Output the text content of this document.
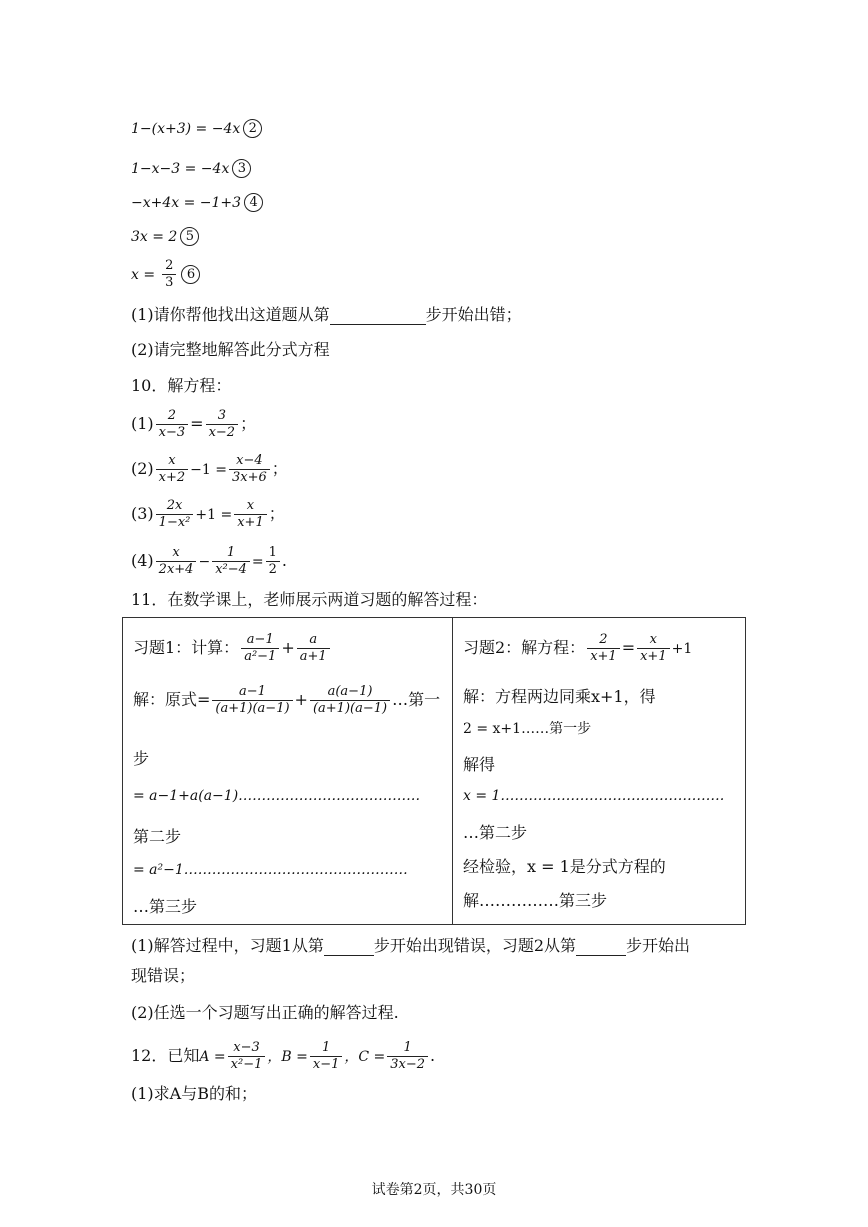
1−(x+3) = −4x 2
1−x−3 = −4x 3
−x+4x = −1+3 4
3x = 2 5
$x = \frac{2}{3} 6$
(1)请你帮他找出这道题从第	步开始出错；
(2)请完整地解答此分式方程
10．解方程：
$(1) \frac{2}{x-3} = \frac{3}{x-2}$ ；
$(2) \frac{x}{x+2} -1 = \frac{x-4}{3x+6}$ ；
$(3) \frac{2x}{\text{1−x²}} +1 = \frac{x}{x+1}$ ；
$(4) \frac{x}{2x+4} - \frac{1}{\text{x²−4}} = \frac{1}{2}$ .
11．在数学课上，老师展示两道习题的解答过程：
习题1：计算： $\frac{a-1}{\text{a²−1}} + \frac{a}{a+1}$
解：原式= $\frac{a-1}{(a+1)(a-1)} + \frac{a(a-1)}{(a+1)(a-1)}$ …第一
步
= a−1+a(a−1)…………………………………
第二步
= a²−1…………………………………………
…第三步

习题2：解方程： $\frac{2}{x+1} = \frac{x}{x+1} +1$
解：方程两边同乘x+1，得
2 = x+1……第一步
解得
x = 1…………………………………………
…第二步
经检验，x = 1是分式方程的
解……………第三步
(1)解答过程中，习题1从第	步开始出现错误，习题2从第	步开始出
现错误；
(2)任选一个习题写出正确的解答过程.
12．已知$A = \frac{x-3}{\text{x²−1}}$ ，$B = \frac{1}{x-1}$ ，$C = \frac{1}{3x-2}$ .
(1)求A与B的和；
试卷第2页，共30页
